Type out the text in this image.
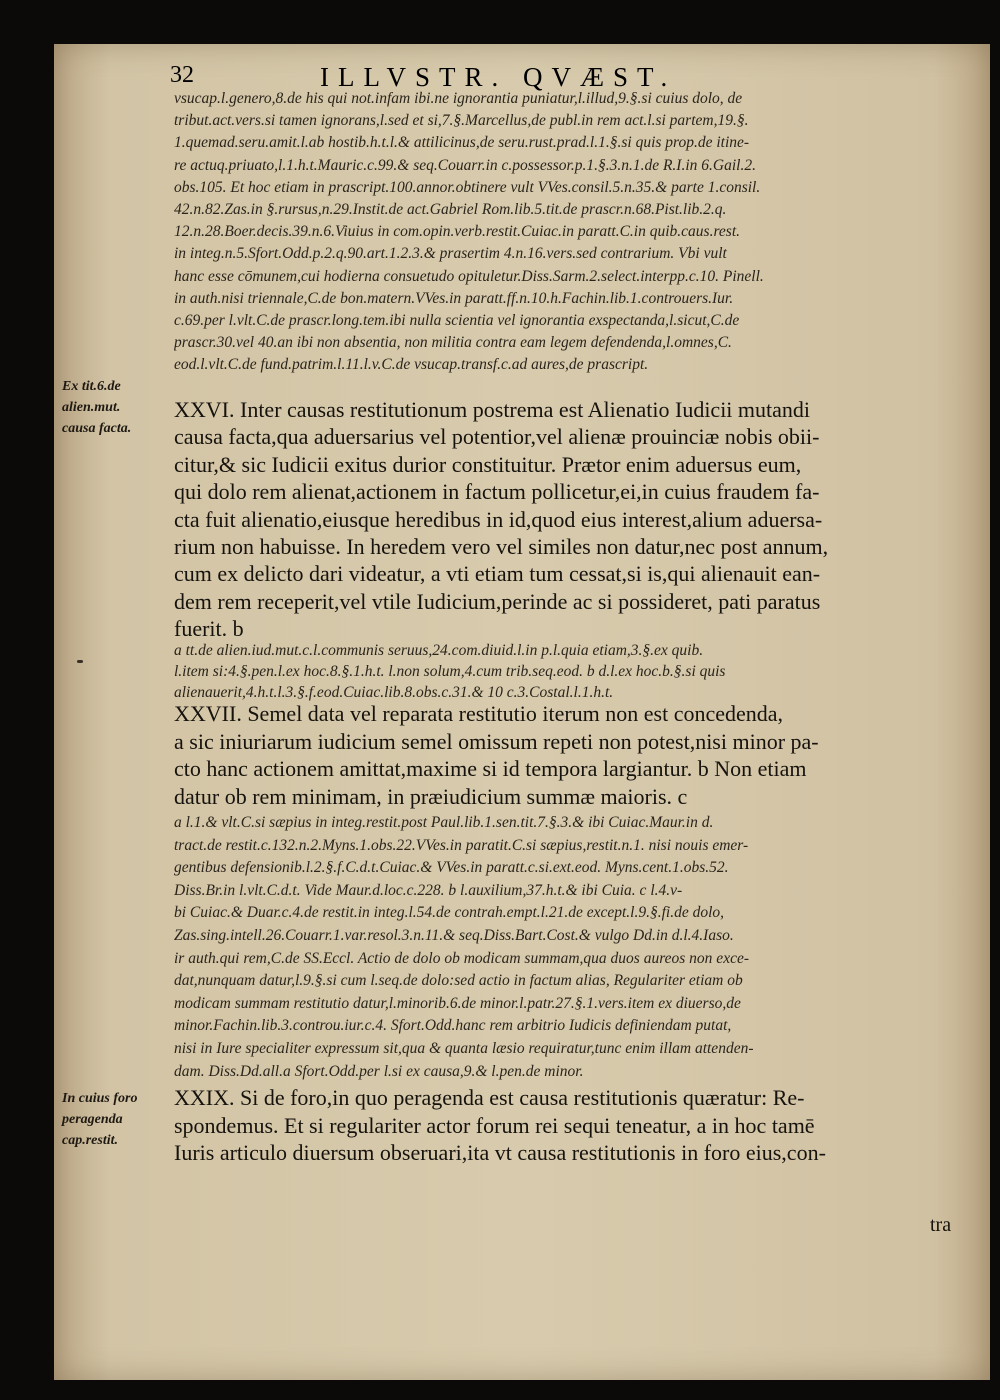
32	ILLVSTR. QVÆST.
vsucap.l.genero,8.de his qui not.infam ibi.ne ignorantia puniatur,l.illud,9.§.si cuius dolo, de
tribut.act.vers.si tamen ignorans,l.sed et si,7.§.Marcellus,de publ.in rem act.l.si partem,19.§.
1.quemad.seru.amit.l.ab hostib.h.t.l.& attilicinus,de seru.rust.prad.l.1.§.si quis prop.de itine-
re actuq.priuato,l.1.h.t.Mauric.c.99.& seq.Couarr.in c.possessor.p.1.§.3.n.1.de R.I.in 6.Gail.2.
obs.105. Et hoc etiam in prascript.100.annor.obtinere vult VVes.consil.5.n.35.& parte 1.consil.
42.n.82.Zas.in §.rursus,n.29.Instit.de act.Gabriel Rom.lib.5.tit.de prascr.n.68.Pist.lib.2.q.
12.n.28.Boer.decis.39.n.6.Viuius in com.opin.verb.restit.Cuiac.in paratt.C.in quib.caus.rest.
in integ.n.5.Sfort.Odd.p.2.q.90.art.1.2.3.& prasertim 4.n.16.vers.sed contrarium. Vbi vult
hanc esse cōmunem,cui hodierna consuetudo opituletur.Diss.Sarm.2.select.interpp.c.10. Pinell.
in auth.nisi triennale,C.de bon.matern.VVes.in paratt.ff.n.10.h.Fachin.lib.1.controuers.Iur.
c.69.per l.vlt.C.de prascr.long.tem.ibi nulla scientia vel ignorantia exspectanda,l.sicut,C.de
prascr.30.vel 40.an ibi non absentia, non militia contra eam legem defendenda,l.omnes,C.
eod.l.vlt.C.de fund.patrim.l.11.l.v.C.de vsucap.transf.c.ad aures,de prascript.
Ex tit.6.de
alien.mut.
causa facta.
XXVI. Inter causas restitutionum postrema est Alienatio Iudicii mutandi
causa facta,qua aduersarius vel potentior,vel alienæ prouinciæ nobis obii-
citur,& sic Iudicii exitus durior constituitur. Prætor enim aduersus eum,
qui dolo rem alienat,actionem in factum pollicetur,ei,in cuius fraudem fa-
cta fuit alienatio,eiusque heredibus in id,quod eius interest,alium aduersa-
rium non habuisse. In heredem vero vel similes non datur,nec post annum,
cum ex delicto dari videatur, a vti etiam tum cessat,si is,qui alienauit ean-
dem rem receperit,vel vtile Iudicium,perinde ac si possideret, pati paratus
fuerit. b
a tt.de alien.iud.mut.c.l.communis seruus,24.com.diuid.l.in p.l.quia etiam,3.§.ex quib.
l.item si:4.§.pen.l.ex hoc.8.§.1.h.t. l.non solum,4.cum trib.seq.eod. b d.l.ex hoc.b.§.si quis
alienauerit,4.h.t.l.3.§.f.eod.Cuiac.lib.8.obs.c.31.& 10 c.3.Costal.l.1.h.t.
XXVII. Semel data vel reparata restitutio iterum non est concedenda,
a sic iniuriarum iudicium semel omissum repeti non potest,nisi minor pa-
cto hanc actionem amittat,maxime si id tempora largiantur. b Non etiam
datur ob rem minimam, in præiudicium summæ maioris. c
a l.1.& vlt.C.si sæpius in integ.restit.post Paul.lib.1.sen.tit.7.§.3.& ibi Cuiac.Maur.in d.
tract.de restit.c.132.n.2.Myns.1.obs.22.VVes.in paratit.C.si sæpius,restit.n.1. nisi nouis emer-
gentibus defensionib.l.2.§.f.C.d.t.Cuiac.& VVes.in paratt.c.si.ext.eod. Myns.cent.1.obs.52.
Diss.Br.in l.vlt.C.d.t. Vide Maur.d.loc.c.228. b l.auxilium,37.h.t.& ibi Cuia. c l.4.v-
bi Cuiac.& Duar.c.4.de restit.in integ.l.54.de contrah.empt.l.21.de except.l.9.§.fi.de dolo,
Zas.sing.intell.26.Couarr.1.var.resol.3.n.11.& seq.Diss.Bart.Cost.& vulgo Dd.in d.l.4.Iaso.
ir auth.qui rem,C.de SS.Eccl. Actio de dolo ob modicam summam,qua duos aureos non exce-
dat,nunquam datur,l.9.§.si cum l.seq.de dolo:sed actio in factum alias, Regulariter etiam ob
modicam summam restitutio datur,l.minorib.6.de minor.l.patr.27.§.1.vers.item ex diuerso,de
minor.Fachin.lib.3.controu.iur.c.4. Sfort.Odd.hanc rem arbitrio Iudicis definiendam putat,
nisi in Iure specialiter expressum sit,qua & quanta læsio requiratur,tunc enim illam attenden-
dam. Diss.Dd.all.a Sfort.Odd.per l.si ex causa,9.& l.pen.de minor.
In cuius foro
peragenda
cap.restit.
XXIX. Si de foro,in quo peragenda est causa restitutionis quæratur: Re-
spondemus. Et si regulariter actor forum rei sequi teneatur, a in hoc tamē
Iuris articulo diuersum obseruari,ita vt causa restitutionis in foro eius,con-
tra
